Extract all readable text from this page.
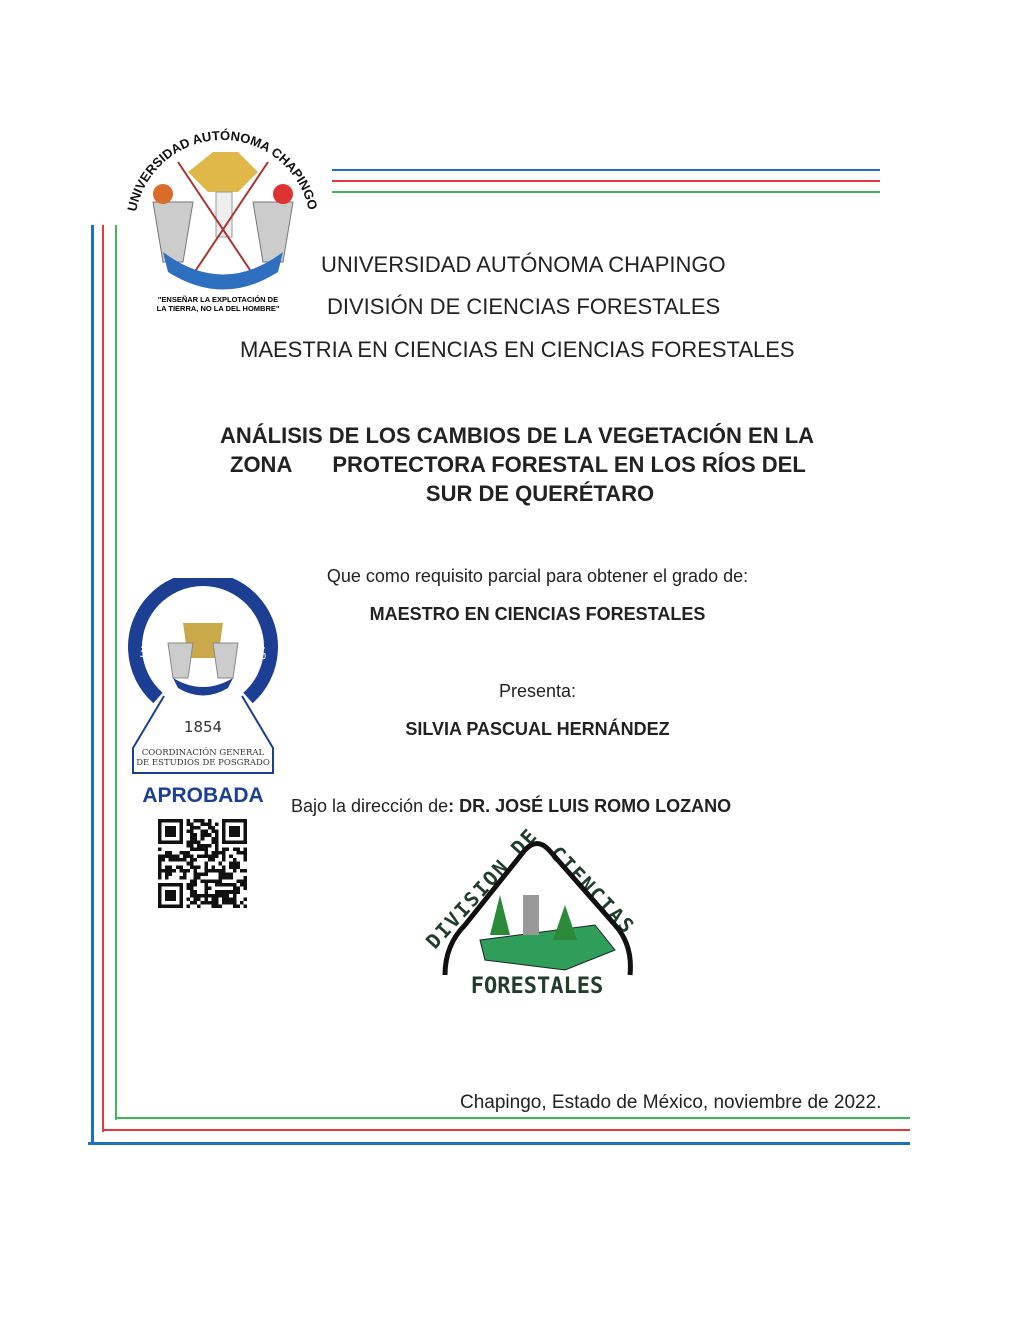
UNIVERSIDAD AUTÓNOMA CHAPINGO
"ENSEÑAR LA EXPLOTACIÓN DE
LA TIERRA, NO LA DEL HOMBRE"
UNIVERSIDAD AUTÓNOMA CHAPINGO
DIVISIÓN DE CIENCIAS FORESTALES
MAESTRIA EN CIENCIAS EN CIENCIAS FORESTALES
ANÁLISIS DE LOS CAMBIOS DE LA VEGETACIÓN EN LA
ZONA PROTECTORA FORESTAL EN LOS RÍOS DEL
SUR DE QUERÉTARO
Que como requisito parcial para obtener el grado de:
MAESTRO EN CIENCIAS FORESTALES
Presenta:
SILVIA PASCUAL HERNÁNDEZ
Bajo la dirección de: DR. JOSÉ LUIS ROMO LOZANO
UNIVERSIDAD AUTÓNOMA CHAP
1854
COORDINACIÓN GENERAL
DE ESTUDIOS DE POSGRADO
APROBADA
DIVISION DE CIENCIAS
FORESTALES
Chapingo, Estado de México, noviembre de 2022.
